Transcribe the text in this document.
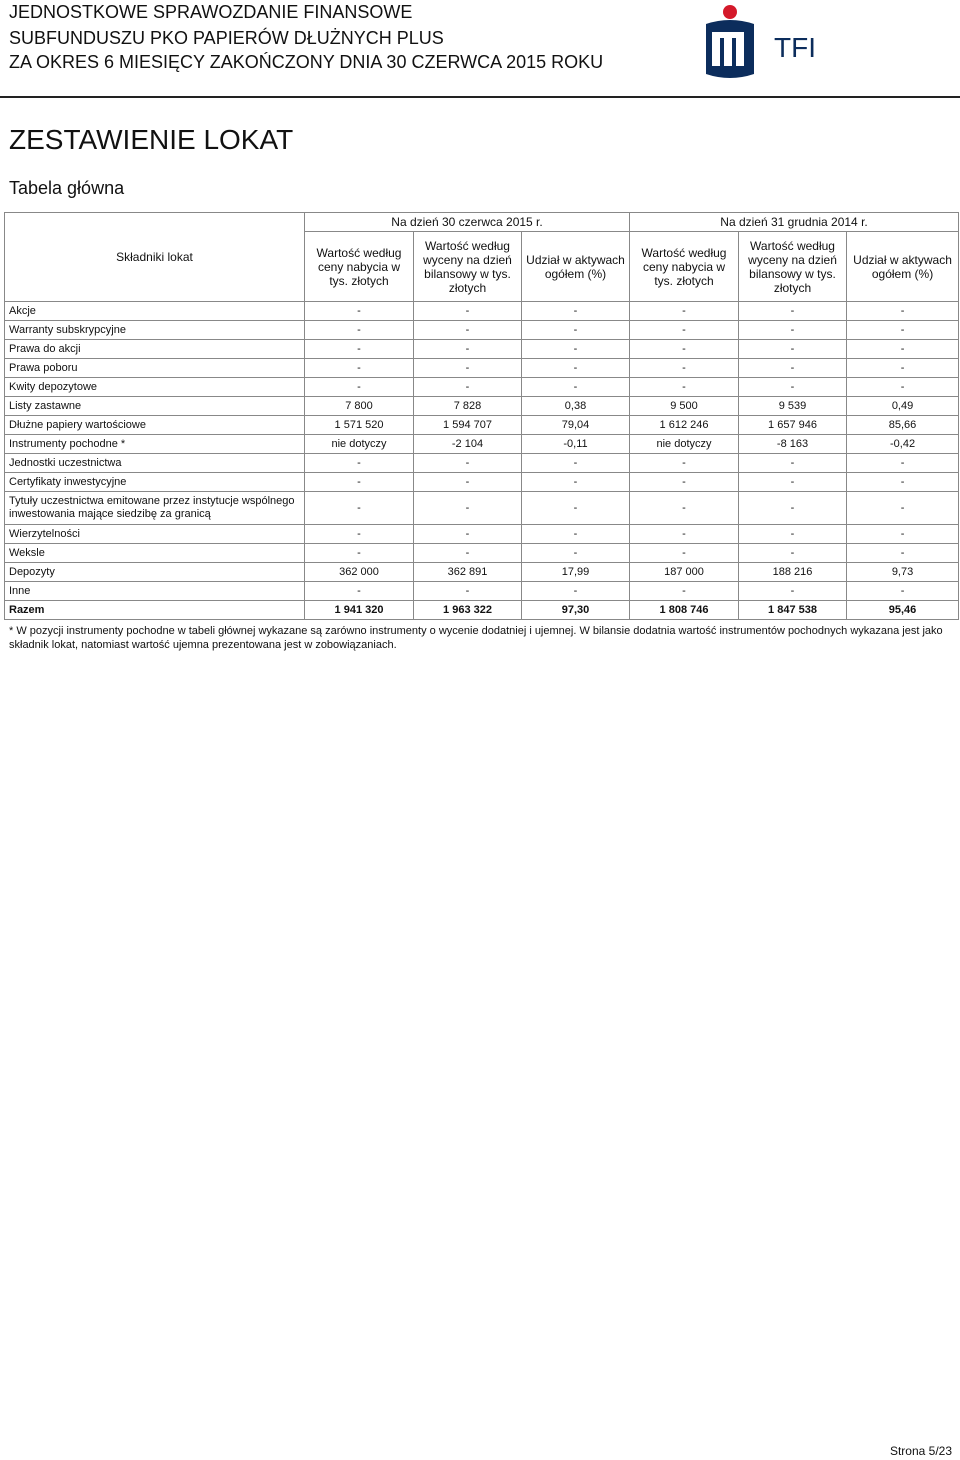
JEDNOSTKOWE SPRAWOZDANIE FINANSOWE
SUBFUNDUSZU PKO PAPIERÓW DŁUŻNYCH PLUS
ZA OKRES 6 MIESIĘCY ZAKOŃCZONY DNIA 30 CZERWCA 2015 ROKU	TFI
ZESTAWIENIE LOKAT
Tabela główna
Składniki lokat	Na dzień 30 czerwca 2015 r.			Na dzień 31 grudnia 2014 r.		
	Wartość według ceny nabycia w tys. złotych	Wartość według wyceny na dzień bilansowy w tys. złotych	Udział w aktywach ogółem (%)	Wartość według ceny nabycia w tys. złotych	Wartość według wyceny na dzień bilansowy w tys. złotych	Udział w aktywach ogółem (%)
Akcje	-	-	-	-	-	-
Warranty subskrypcyjne	-	-	-	-	-	-
Prawa do akcji	-	-	-	-	-	-
Prawa poboru	-	-	-	-	-	-
Kwity depozytowe	-	-	-	-	-	-
Listy zastawne	7 800	7 828	0,38	9 500	9 539	0,49
Dłużne papiery wartościowe	1 571 520	1 594 707	79,04	1 612 246	1 657 946	85,66
Instrumenty pochodne *	nie dotyczy	-2 104	-0,11	nie dotyczy	-8 163	-0,42
Jednostki uczestnictwa	-	-	-	-	-	-
Certyfikaty inwestycyjne	-	-	-	-	-	-
Tytuły uczestnictwa emitowane przez instytucje wspólnego inwestowania mające siedzibę za granicą	-	-	-	-	-	-
Wierzytelności	-	-	-	-	-	-
Weksle	-	-	-	-	-	-
Depozyty	362 000	362 891	17,99	187 000	188 216	9,73
Inne	-	-	-	-	-	-
Razem	1 941 320	1 963 322	97,30	1 808 746	1 847 538	95,46
* W pozycji instrumenty pochodne w tabeli głównej wykazane są zarówno instrumenty o wycenie dodatniej i ujemnej. W bilansie dodatnia wartość instrumentów pochodnych wykazana jest jako składnik lokat, natomiast wartość ujemna prezentowana jest w zobowiązaniach.
Strona 5/23
